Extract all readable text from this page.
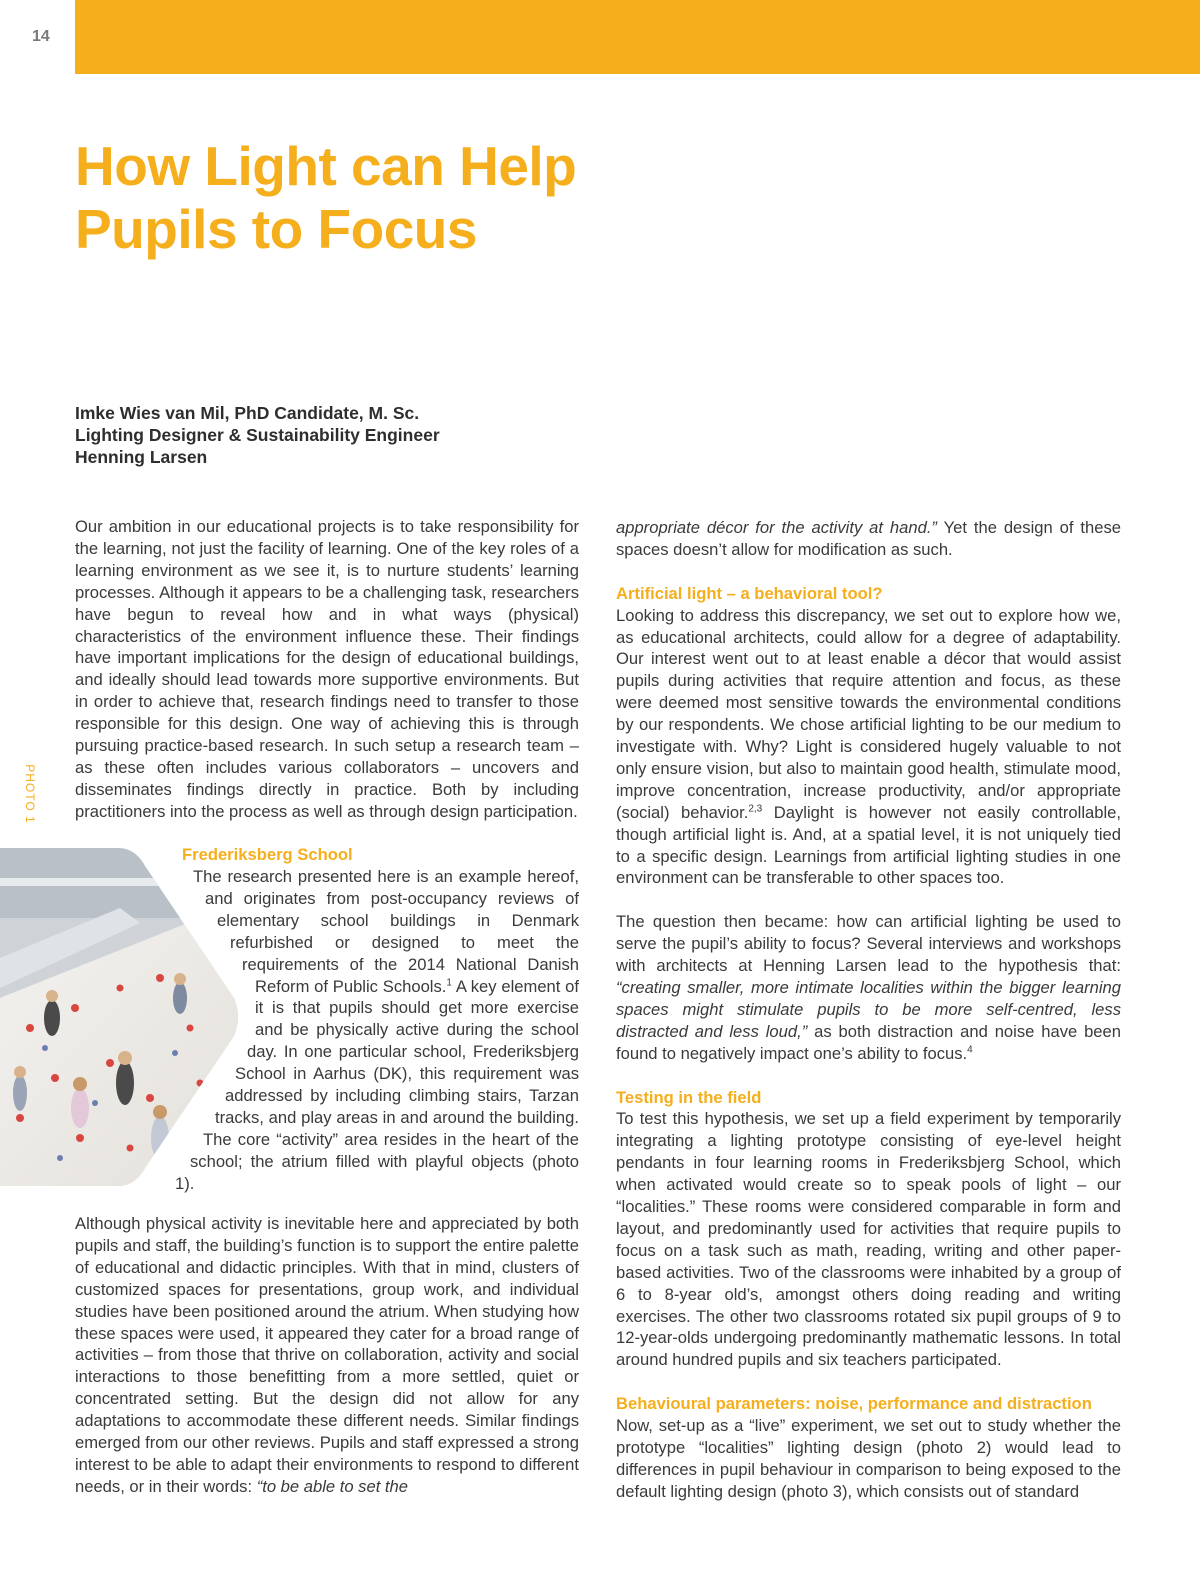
14
How Light can Help
Pupils to Focus
Imke Wies van Mil, PhD Candidate, M. Sc.
Lighting Designer & Sustainability Engineer
Henning Larsen
PHOTO 1

Our ambition in our educational projects is to take responsibility for the learning, not just the facility of learning. One of the key roles of a learning environment as we see it, is to nurture students’ learning processes. Although it appears to be a challenging task, researchers have begun to reveal how and in what ways (physical) characteristics of the environment influence these. Their findings have important implications for the design of educational buildings, and ideally should lead towards more supportive environments. But in order to achieve that, research findings need to transfer to those responsible for this design. One way of achieving this is through pursuing practice-based research. In such setup a research team – as these often includes various collaborators – uncovers and disseminates findings directly in practice. Both by including practitioners into the process as well as through design participation.

Frederiksberg School

The research presented here is an example hereof, and originates from post-occupancy reviews of elementary school buildings in Denmark refurbished or designed to meet the requirements of the 2014 National Danish Reform of Public Schools.$^1$ A key element of it is that pupils should get more exercise and be physically active during the school day. In one particular school, Frederiksbjerg School in Aarhus (DK), this requirement was addressed by including climbing stairs, Tarzan tracks, and play areas in and around the building. The core “activity” area resides in the heart of the school; the atrium filled with playful objects (photo 1).

Although physical activity is inevitable here and appreciated by both pupils and staff, the building’s function is to support the entire palette of educational and didactic principles. With that in mind, clusters of customized spaces for presentations, group work, and individual studies have been positioned around the atrium. When studying how these spaces were used, it appeared they cater for a broad range of activities – from those that thrive on collaboration, activity and social interactions to those benefitting from a more settled, quiet or concentrated setting. But the design did not allow for any adaptations to accommodate these different needs. Similar findings emerged from our other reviews. Pupils and staff expressed a strong interest to be able to adapt their environments to respond to different needs, or in their words: “to be able to set the

appropriate décor for the activity at hand.” Yet the design of these spaces doesn’t allow for modification as such.

Artificial light – a behavioral tool?

Looking to address this discrepancy, we set out to explore how we, as educational architects, could allow for a degree of adaptability. Our interest went out to at least enable a décor that would assist pupils during activities that require attention and focus, as these were deemed most sensitive towards the environmental conditions by our respondents. We chose artificial lighting to be our medium to investigate with. Why? Light is considered hugely valuable to not only ensure vision, but also to maintain good health, stimulate mood, improve concentration, increase productivity, and/or appropriate (social) behavior.$^{2,3}$ Daylight is however not easily controllable, though artificial light is. And, at a spatial level, it is not uniquely tied to a specific design. Learnings from artificial lighting studies in one environment can be transferable to other spaces too.

The question then became: how can artificial lighting be used to serve the pupil’s ability to focus? Several interviews and workshops with architects at Henning Larsen lead to the hypothesis that: “creating smaller, more intimate localities within the bigger learning spaces might stimulate pupils to be more self-centred, less distracted and less loud,” as both distraction and noise have been found to negatively impact one’s ability to focus.$^4$

Testing in the field

To test this hypothesis, we set up a field experiment by temporarily integrating a lighting prototype consisting of eye-level height pendants in four learning rooms in Frederiksbjerg School, which when activated would create so to speak pools of light – our “localities.” These rooms were considered comparable in form and layout, and predominantly used for activities that require pupils to focus on a task such as math, reading, writing and other paper-based activities. Two of the classrooms were inhabited by a group of 6 to 8-year old’s, amongst others doing reading and writing exercises. The other two classrooms rotated six pupil groups of 9 to 12-year-olds undergoing predominantly mathematic lessons. In total around hundred pupils and six teachers participated.

Behavioural parameters: noise, performance and distraction

Now, set-up as a “live” experiment, we set out to study whether the prototype “localities” lighting design (photo 2) would lead to differences in pupil behaviour in comparison to being exposed to the default lighting design (photo 3), which consists out of standard
